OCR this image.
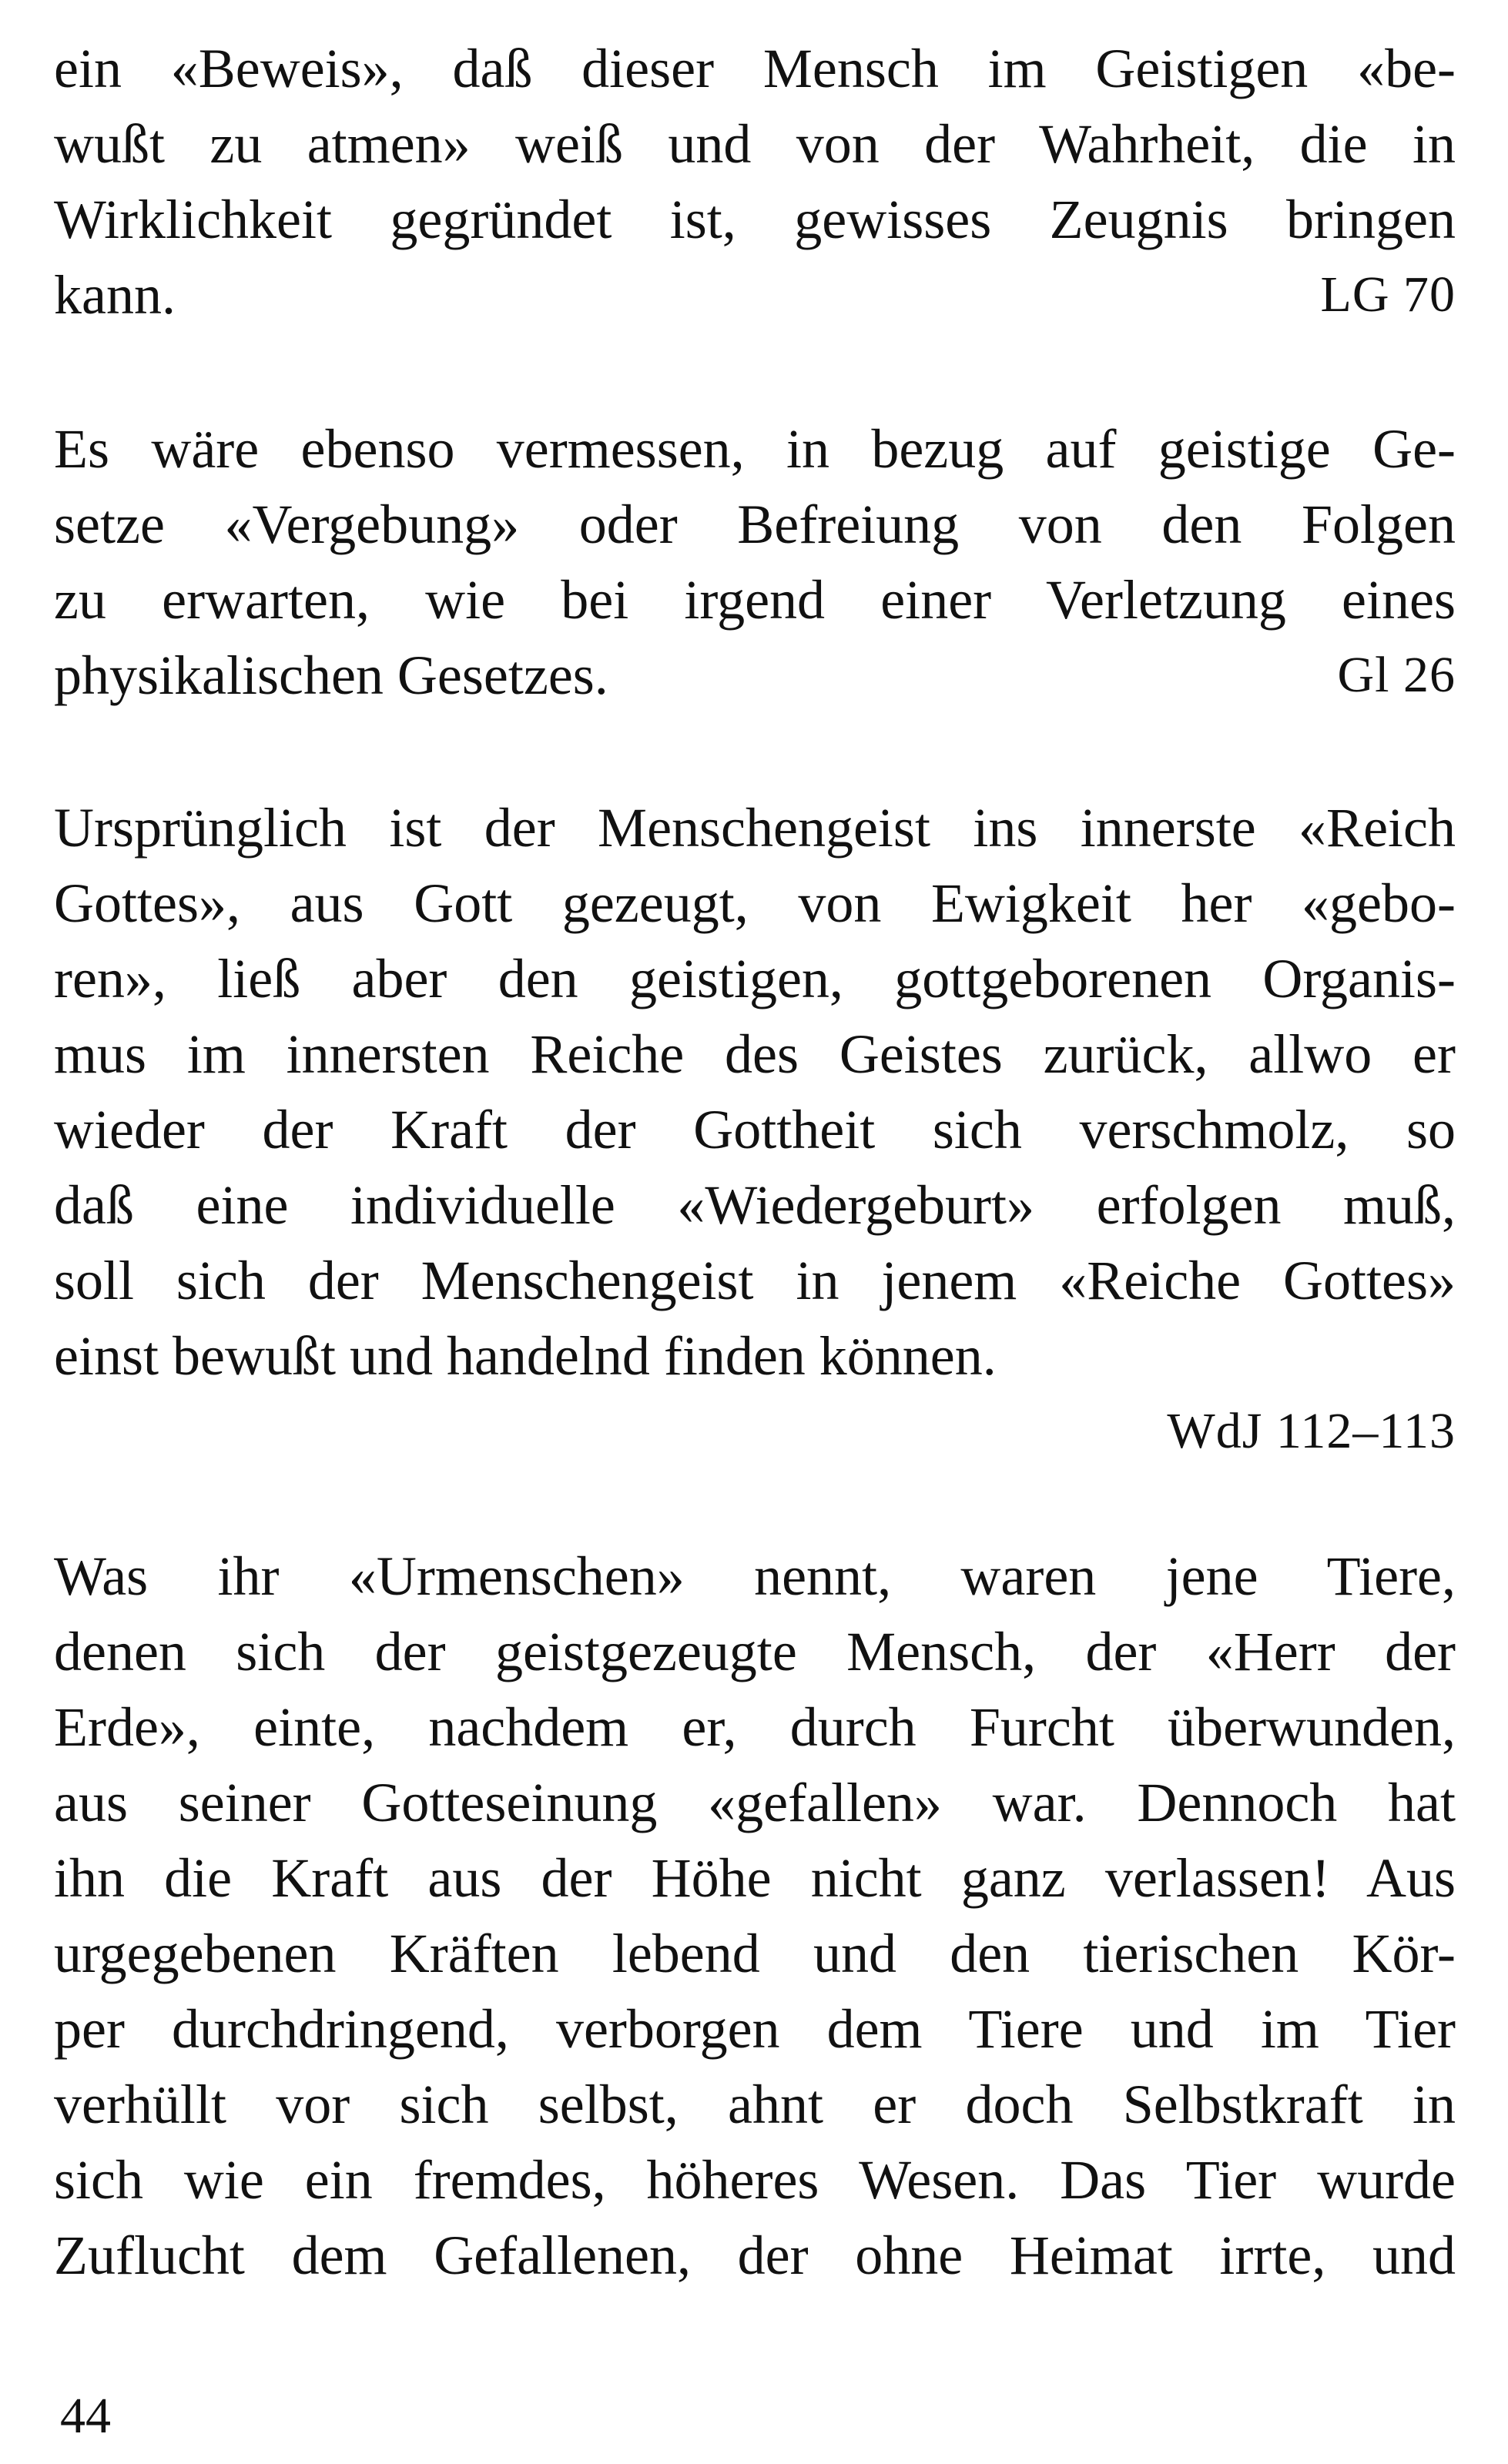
ein «Beweis», daß dieser Mensch im Geistigen «be-
wußt zu atmen» weiß und von der Wahrheit, die in
Wirklichkeit gegründet ist, gewisses Zeugnis bringen
kann.	LG 70
Es wäre ebenso vermessen, in bezug auf geistige Ge-
setze «Vergebung» oder Befreiung von den Folgen
zu erwarten, wie bei irgend einer Verletzung eines
physikalischen Gesetzes.	Gl 26
Ursprünglich ist der Menschengeist ins innerste «Reich
Gottes», aus Gott gezeugt, von Ewigkeit her «gebo-
ren», ließ aber den geistigen, gottgeborenen Organis-
mus im innersten Reiche des Geistes zurück, allwo er
wieder der Kraft der Gottheit sich verschmolz, so
daß eine individuelle «Wiedergeburt» erfolgen muß,
soll sich der Menschengeist in jenem «Reiche Gottes»
einst bewußt und handelnd finden können.
WdJ 112–113
Was ihr «Urmenschen» nennt, waren jene Tiere,
denen sich der geistgezeugte Mensch, der «Herr der
Erde», einte, nachdem er, durch Furcht überwunden,
aus seiner Gotteseinung «gefallen» war. Dennoch hat
ihn die Kraft aus der Höhe nicht ganz verlassen! Aus
urgegebenen Kräften lebend und den tierischen Kör-
per durchdringend, verborgen dem Tiere und im Tier
verhüllt vor sich selbst, ahnt er doch Selbstkraft in
sich wie ein fremdes, höheres Wesen. Das Tier wurde
Zuflucht dem Gefallenen, der ohne Heimat irrte, und
44
